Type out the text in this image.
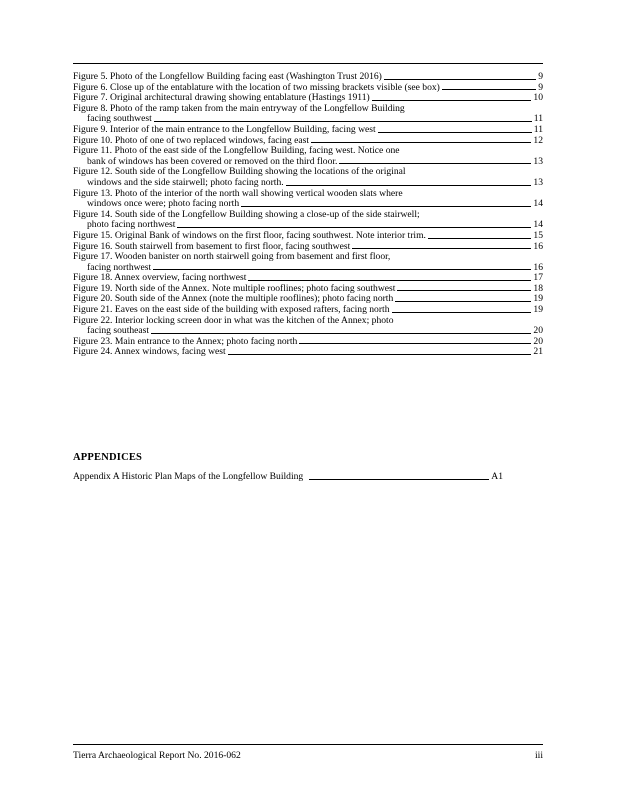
Figure 5. Photo of the Longfellow Building facing east (Washington Trust 2016)	9
Figure 6. Close up of the entablature with the location of two missing brackets visible (see box)	9
Figure 7. Original architectural drawing showing entablature (Hastings 1911)	10
Figure 8. Photo of the ramp taken from the main entryway of the Longfellow Building
facing southwest	11
Figure 9. Interior of the main entrance to the Longfellow Building, facing west	11
Figure 10. Photo of one of two replaced windows, facing east	12
Figure 11. Photo of the east side of the Longfellow Building, facing west. Notice one
bank of windows has been covered or removed on the third floor.	13
Figure 12. South side of the Longfellow Building showing the locations of the original
windows and the side stairwell; photo facing north.	13
Figure 13. Photo of the interior of the north wall showing vertical wooden slats where
windows once were; photo facing north	14
Figure 14. South side of the Longfellow Building showing a close-up of the side stairwell;
photo facing northwest	14
Figure 15. Original Bank of windows on the first floor, facing southwest. Note interior trim.	15
Figure 16. South stairwell from basement to first floor, facing southwest	16
Figure 17. Wooden banister on north stairwell going from basement and first floor,
facing northwest	16
Figure 18. Annex overview, facing northwest	17
Figure 19. North side of the Annex. Note multiple rooflines; photo facing southwest	18
Figure 20. South side of the Annex (note the multiple rooflines); photo facing north	19
Figure 21. Eaves on the east side of the building with exposed rafters, facing north	19
Figure 22. Interior locking screen door in what was the kitchen of the Annex; photo
facing southeast	20
Figure 23. Main entrance to the Annex; photo facing north	20
Figure 24. Annex windows, facing west	21
APPENDICES
Appendix A Historic Plan Maps of the Longfellow Building	A1
Tierra Archaeological Report No. 2016-062	iii
